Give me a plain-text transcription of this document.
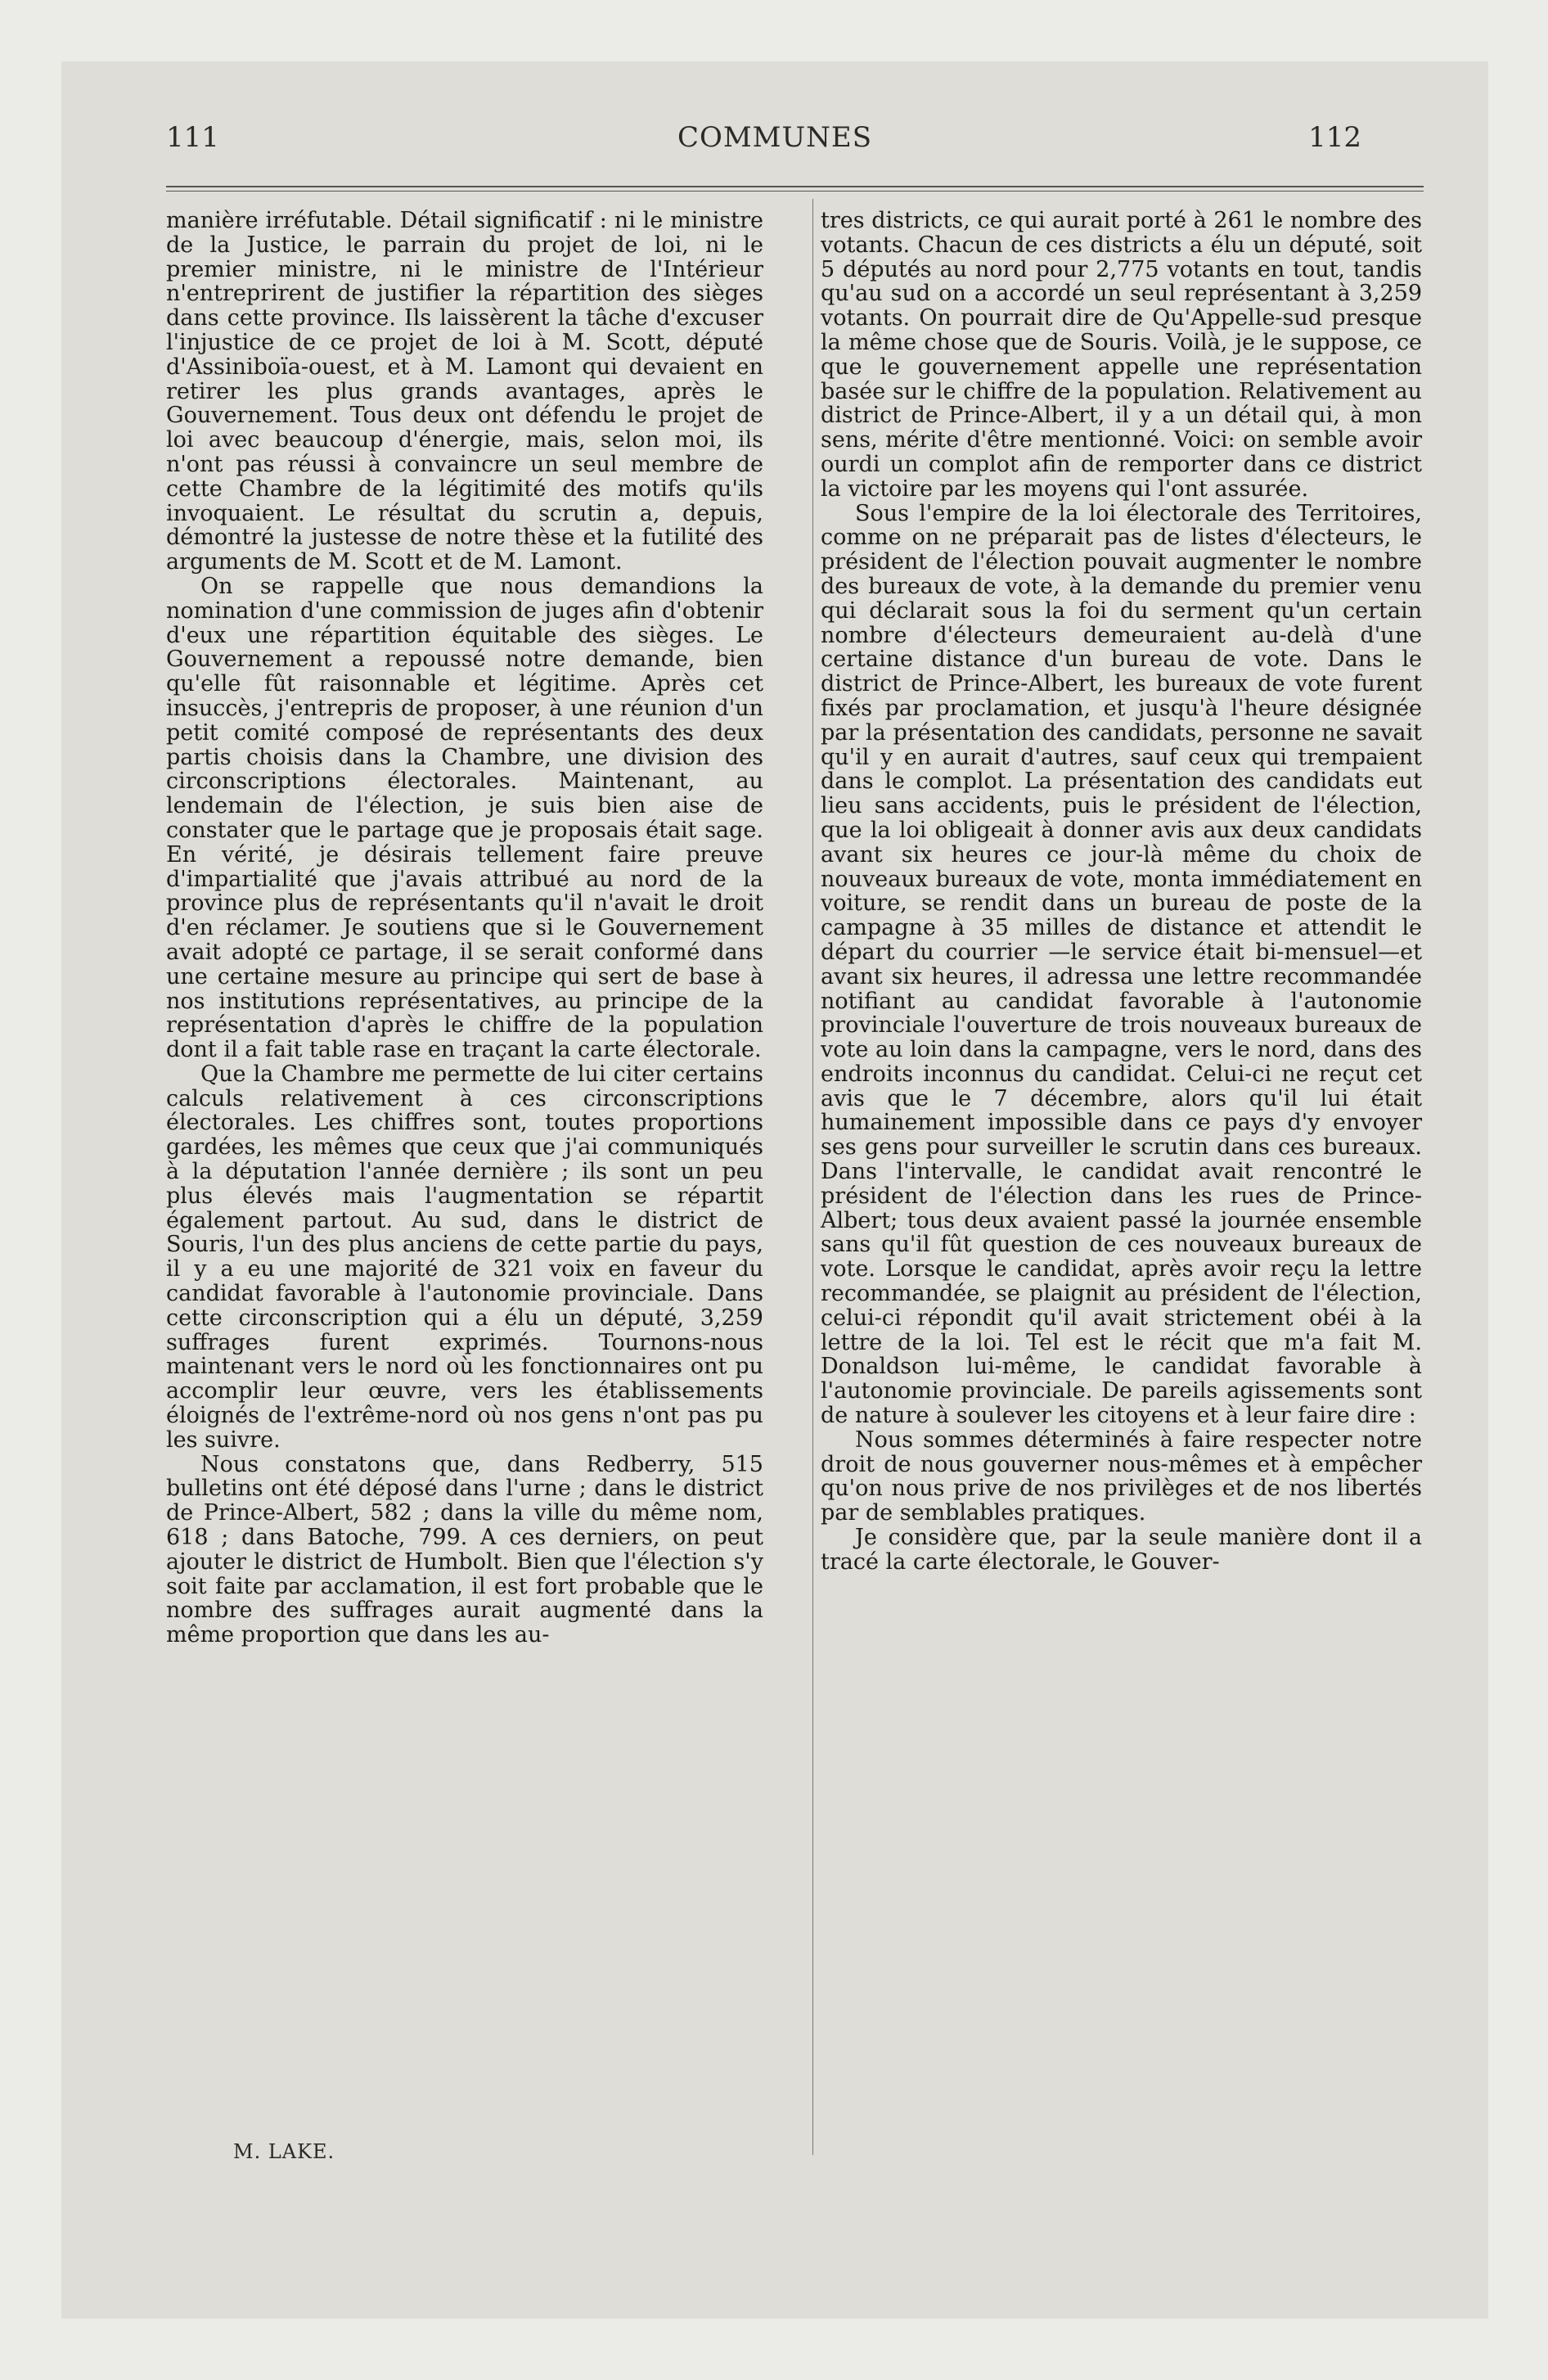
111	COMMUNES	112

manière irréfutable. Détail significatif : ni le ministre de la Justice, le parrain du projet de loi, ni le premier ministre, ni le ministre de l'Intérieur n'entreprirent de justifier la répartition des sièges dans cette province. Ils laissèrent la tâche d'excuser l'injustice de ce projet de loi à M. Scott, député d'Assiniboïa-ouest, et à M. Lamont qui devaient en retirer les plus grands avantages, après le Gouvernement. Tous deux ont défendu le projet de loi avec beaucoup d'énergie, mais, selon moi, ils n'ont pas réussi à convaincre un seul membre de cette Chambre de la légitimité des motifs qu'ils invoquaient. Le résultat du scrutin a, depuis, démontré la justesse de notre thèse et la futilité des arguments de M. Scott et de M. Lamont.

On se rappelle que nous demandions la nomination d'une commission de juges afin d'obtenir d'eux une répartition équitable des sièges. Le Gouvernement a repoussé notre demande, bien qu'elle fût raisonnable et légitime. Après cet insuccès, j'entrepris de proposer, à une réunion d'un petit comité composé de représentants des deux partis choisis dans la Chambre, une division des circonscriptions électorales. Maintenant, au lendemain de l'élection, je suis bien aise de constater que le partage que je proposais était sage. En vérité, je désirais tellement faire preuve d'impartialité que j'avais attribué au nord de la province plus de représentants qu'il n'avait le droit d'en réclamer. Je soutiens que si le Gouvernement avait adopté ce partage, il se serait conformé dans une certaine mesure au principe qui sert de base à nos institutions représentatives, au principe de la représentation d'après le chiffre de la population dont il a fait table rase en traçant la carte électorale.

Que la Chambre me permette de lui citer certains calculs relativement à ces circonscriptions électorales. Les chiffres sont, toutes proportions gardées, les mêmes que ceux que j'ai communiqués à la députation l'année dernière ; ils sont un peu plus élevés mais l'augmentation se répartit également partout. Au sud, dans le district de Souris, l'un des plus anciens de cette partie du pays, il y a eu une majorité de 321 voix en faveur du candidat favorable à l'autonomie provinciale. Dans cette circonscription qui a élu un député, 3,259 suffrages furent exprimés. Tournons-nous maintenant vers le nord où les fonctionnaires ont pu accomplir leur œuvre, vers les établissements éloignés de l'extrême-nord où nos gens n'ont pas pu les suivre.

Nous constatons que, dans Redberry, 515 bulletins ont été déposé dans l'urne ; dans le district de Prince-Albert, 582 ; dans la ville du même nom, 618 ; dans Batoche, 799. A ces derniers, on peut ajouter le district de Humbolt. Bien que l'élection s'y soit faite par acclamation, il est fort probable que le nombre des suffrages aurait augmenté dans la même proportion que dans les au-

tres districts, ce qui aurait porté à 261 le nombre des votants. Chacun de ces districts a élu un député, soit 5 députés au nord pour 2,775 votants en tout, tandis qu'au sud on a accordé un seul représentant à 3,259 votants. On pourrait dire de Qu'Appelle-sud presque la même chose que de Souris. Voilà, je le suppose, ce que le gouvernement appelle une représentation basée sur le chiffre de la population. Relativement au district de Prince-Albert, il y a un détail qui, à mon sens, mérite d'être mentionné. Voici: on semble avoir ourdi un complot afin de remporter dans ce district la victoire par les moyens qui l'ont assurée.

Sous l'empire de la loi électorale des Territoires, comme on ne préparait pas de listes d'électeurs, le président de l'élection pouvait augmenter le nombre des bureaux de vote, à la demande du premier venu qui déclarait sous la foi du serment qu'un certain nombre d'électeurs demeuraient au-delà d'une certaine distance d'un bureau de vote. Dans le district de Prince-Albert, les bureaux de vote furent fixés par proclamation, et jusqu'à l'heure désignée par la présentation des candidats, personne ne savait qu'il y en aurait d'autres, sauf ceux qui trempaient dans le complot. La présentation des candidats eut lieu sans accidents, puis le président de l'élection, que la loi obligeait à donner avis aux deux candidats avant six heures ce jour-là même du choix de nouveaux bureaux de vote, monta immédiatement en voiture, se rendit dans un bureau de poste de la campagne à 35 milles de distance et attendit le départ du courrier —le service était bi-mensuel—et avant six heures, il adressa une lettre recommandée notifiant au candidat favorable à l'autonomie provinciale l'ouverture de trois nouveaux bureaux de vote au loin dans la campagne, vers le nord, dans des endroits inconnus du candidat. Celui-ci ne reçut cet avis que le 7 décembre, alors qu'il lui était humainement impossible dans ce pays d'y envoyer ses gens pour surveiller le scrutin dans ces bureaux. Dans l'intervalle, le candidat avait rencontré le président de l'élection dans les rues de Prince-Albert; tous deux avaient passé la journée ensemble sans qu'il fût question de ces nouveaux bureaux de vote. Lorsque le candidat, après avoir reçu la lettre recommandée, se plaignit au président de l'élection, celui-ci répondit qu'il avait strictement obéi à la lettre de la loi. Tel est le récit que m'a fait M. Donaldson lui-même, le candidat favorable à l'autonomie provinciale. De pareils agissements sont de nature à soulever les citoyens et à leur faire dire :

Nous sommes déterminés à faire respecter notre droit de nous gouverner nous-mêmes et à empêcher qu'on nous prive de nos privilèges et de nos libertés par de semblables pratiques.

Je considère que, par la seule manière dont il a tracé la carte électorale, le Gouver-

M. LAKE.
